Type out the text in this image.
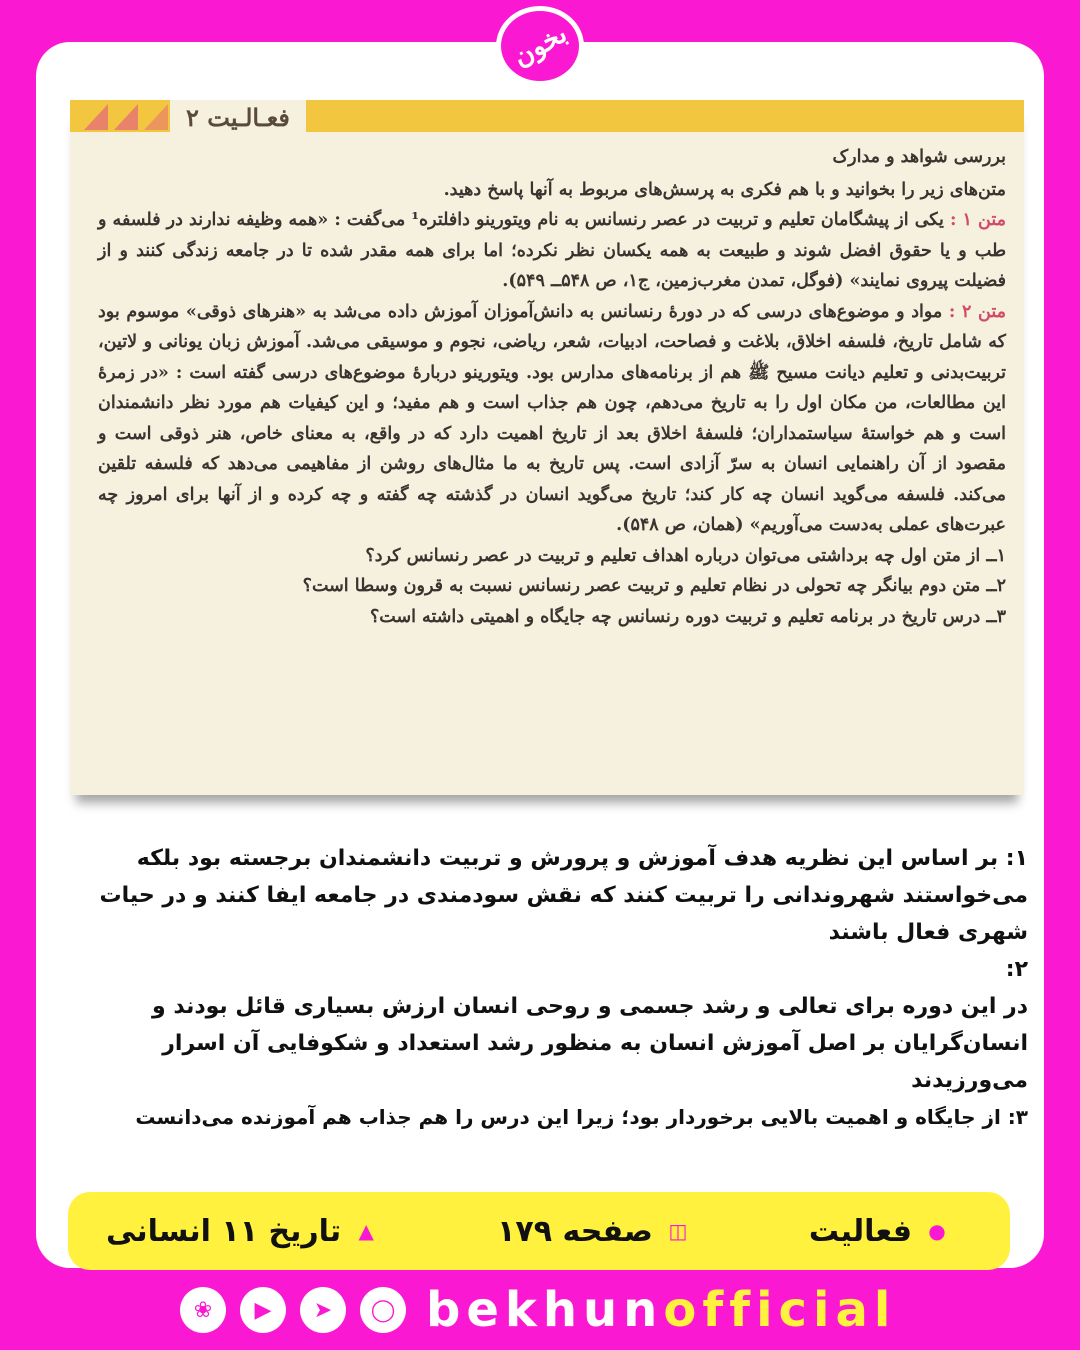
بخون
فعـالـیت ۲

بررسی شواهد و مدارک

متن‌های زیر را بخوانید و با هم فکری به پرسش‌های مربوط به آنها پاسخ دهید.

متن ۱ : یکی از پیشگامان تعلیم و تربیت در عصر رنسانس به نام ویتورینو دافلتره¹ می‌گفت : «همه وظیفه ندارند در فلسفه و طب و یا حقوق افضل شوند و طبیعت به همه یکسان نظر نکرده؛ اما برای همه مقدر شده تا در جامعه زندگی کنند و از فضیلت پیروی نمایند» (فوگل، تمدن مغرب‌زمین، ج۱، ص ۵۴۸ــ ۵۴۹).

متن ۲ : مواد و موضوع‌های درسی که در دورهٔ رنسانس به دانش‌آموزان آموزش داده می‌شد به «هنرهای ذوقی» موسوم بود که شامل تاریخ، فلسفه اخلاق، بلاغت و فصاحت، ادبیات، شعر، ریاضی، نجوم و موسیقی می‌شد. آموزش زبان یونانی و لاتین، تربیت‌بدنی و تعلیم دیانت مسیح ﷺ هم از برنامه‌های مدارس بود. ویتورینو دربارهٔ موضوع‌های درسی گفته است : «در زمرهٔ این مطالعات، من مکان اول را به تاریخ می‌دهم، چون هم جذاب است و هم مفید؛ و این کیفیات هم مورد نظر دانشمندان است و هم خواستهٔ سیاستمداران؛ فلسفهٔ اخلاق بعد از تاریخ اهمیت دارد که در واقع، به معنای خاص، هنر ذوقی است و مقصود از آن راهنمایی انسان به سرّ آزادی است. پس تاریخ به ما مثال‌های روشن از مفاهیمی می‌دهد که فلسفه تلقین می‌کند. فلسفه می‌گوید انسان چه کار کند؛ تاریخ می‌گوید انسان در گذشته چه گفته و چه کرده و از آنها برای امروز چه عبرت‌های عملی به‌دست می‌آوریم» (همان، ص ۵۴۸).

۱ــ از متن اول چه برداشتی می‌توان درباره اهداف تعلیم و تربیت در عصر رنسانس کرد؟

۲ــ متن دوم بیانگر چه تحولی در نظام تعلیم و تربیت عصر رنسانس نسبت به قرون وسطا است؟

۳ــ درس تاریخ در برنامه تعلیم و تربیت دوره رنسانس چه جایگاه و اهمیتی داشته است؟

۱: بر اساس این نظریه هدف آموزش و پرورش و تربیت دانشمندان برجسته بود بلکه می‌خواستند شهروندانی را تربیت کنند که نقش سودمندی در جامعه ایفا کنند و در حیات شهری فعال باشند

۲:

در این دوره برای تعالی و رشد جسمی و روحی انسان ارزش بسیاری قائل بودند و انسان‌گرایان بر اصل آموزش انسان به منظور رشد استعداد و شکوفایی آن اسرار می‌ورزیدند

۳: از جایگاه و اهمیت بالایی برخوردار بود؛ زیرا این درس را هم جذاب هم آموزنده می‌دانست

●
فعالیت
◫
صفحه ۱۷۹
▲
تاریخ ۱۱ انسانی
❀	▶	➤	◯ bekhunofficial
